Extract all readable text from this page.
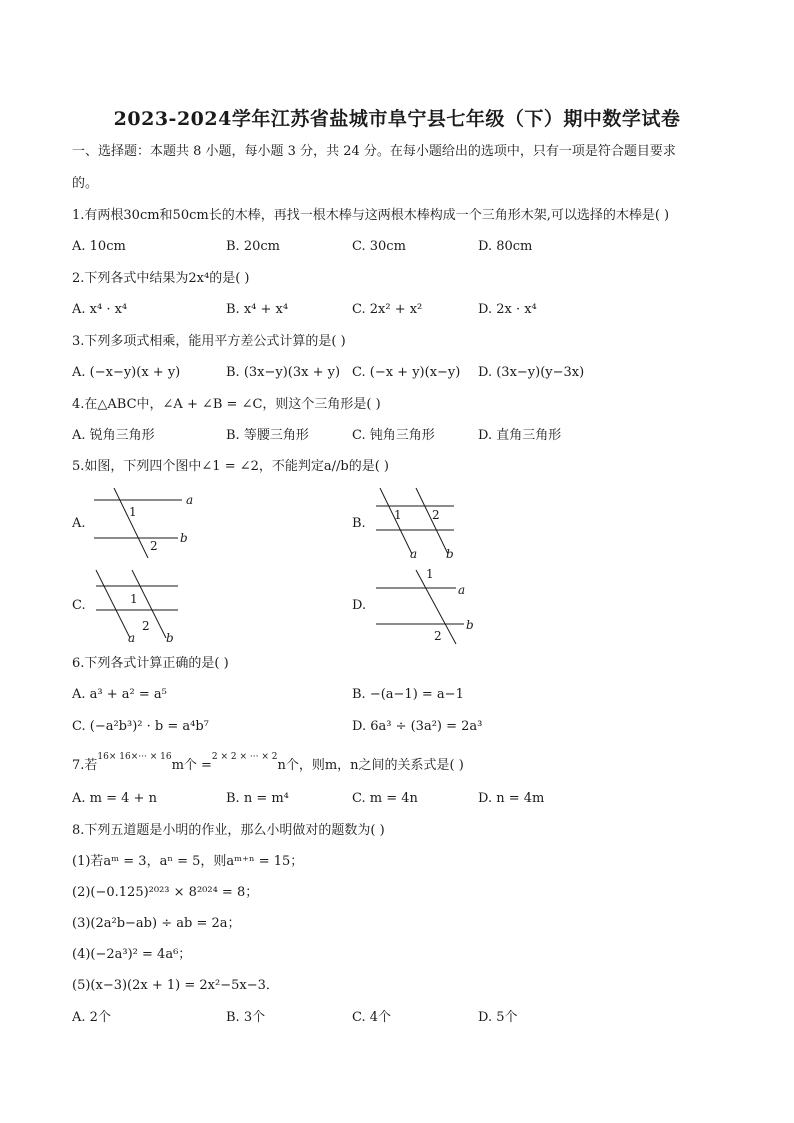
2023-2024学年江苏省盐城市阜宁县七年级（下）期中数学试卷
一、选择题：本题共 8 小题，每小题 3 分，共 24 分。在每小题给出的选项中，只有一项是符合题目要求
的。
1.有两根30cm和50cm长的木棒，再找一根木棒与这两根木棒构成一个三角形木架,可以选择的木棒是( )
A. 10cm	B. 20cm	C. 30cm	D. 80cm
2.下列各式中结果为2x⁴的是( )
A. x⁴ · x⁴	B. x⁴ + x⁴	C. 2x² + x²	D. 2x · x⁴
3.下列多项式相乘，能用平方差公式计算的是( )
A. (−x−y)(x + y)	B. (3x−y)(3x + y) C. (−x + y)(x−y) D. (3x−y)(y−3x)
4.在△ABC中，∠A + ∠B = ∠C，则这个三角形是( )
A. 锐角三角形	B. 等腰三角形	C. 钝角三角形	D. 直角三角形
5.如图，下列四个图中∠1 = ∠2，不能判定a//b的是( )
A.
a
b
1
2
B.
1	2
a b
C.	1
2
a	b
D.
a
b
1
2
6.下列各式计算正确的是( )
A. a³ + a² = a⁵	B. −(a−1) = a−1
C. (−a²b³)² · b = a⁴b⁷	D. 6a³ ÷ (3a²) = 2a³
7.若$^{16\times 16\times\cdot\cdot\cdot \times 16}$m个 =$^{2 \times 2 \times \cdot\cdot\cdot \times 2}$n个，则m，n之间的关系式是( )
A. m = 4 + n	B. n = m⁴	C. m = 4n	D. n = 4m
8.下列五道题是小明的作业，那么小明做对的题数为( )
(1)若aᵐ = 3，aⁿ = 5，则aᵐ⁺ⁿ = 15；
(2)(−0.125)²⁰²³ × 8²⁰²⁴ = 8；
(3)(2a²b−ab) ÷ ab = 2a；
(4)(−2a³)² = 4a⁶；
(5)(x−3)(2x + 1) = 2x²−5x−3．
A. 2个	B. 3个	C. 4个	D. 5个
